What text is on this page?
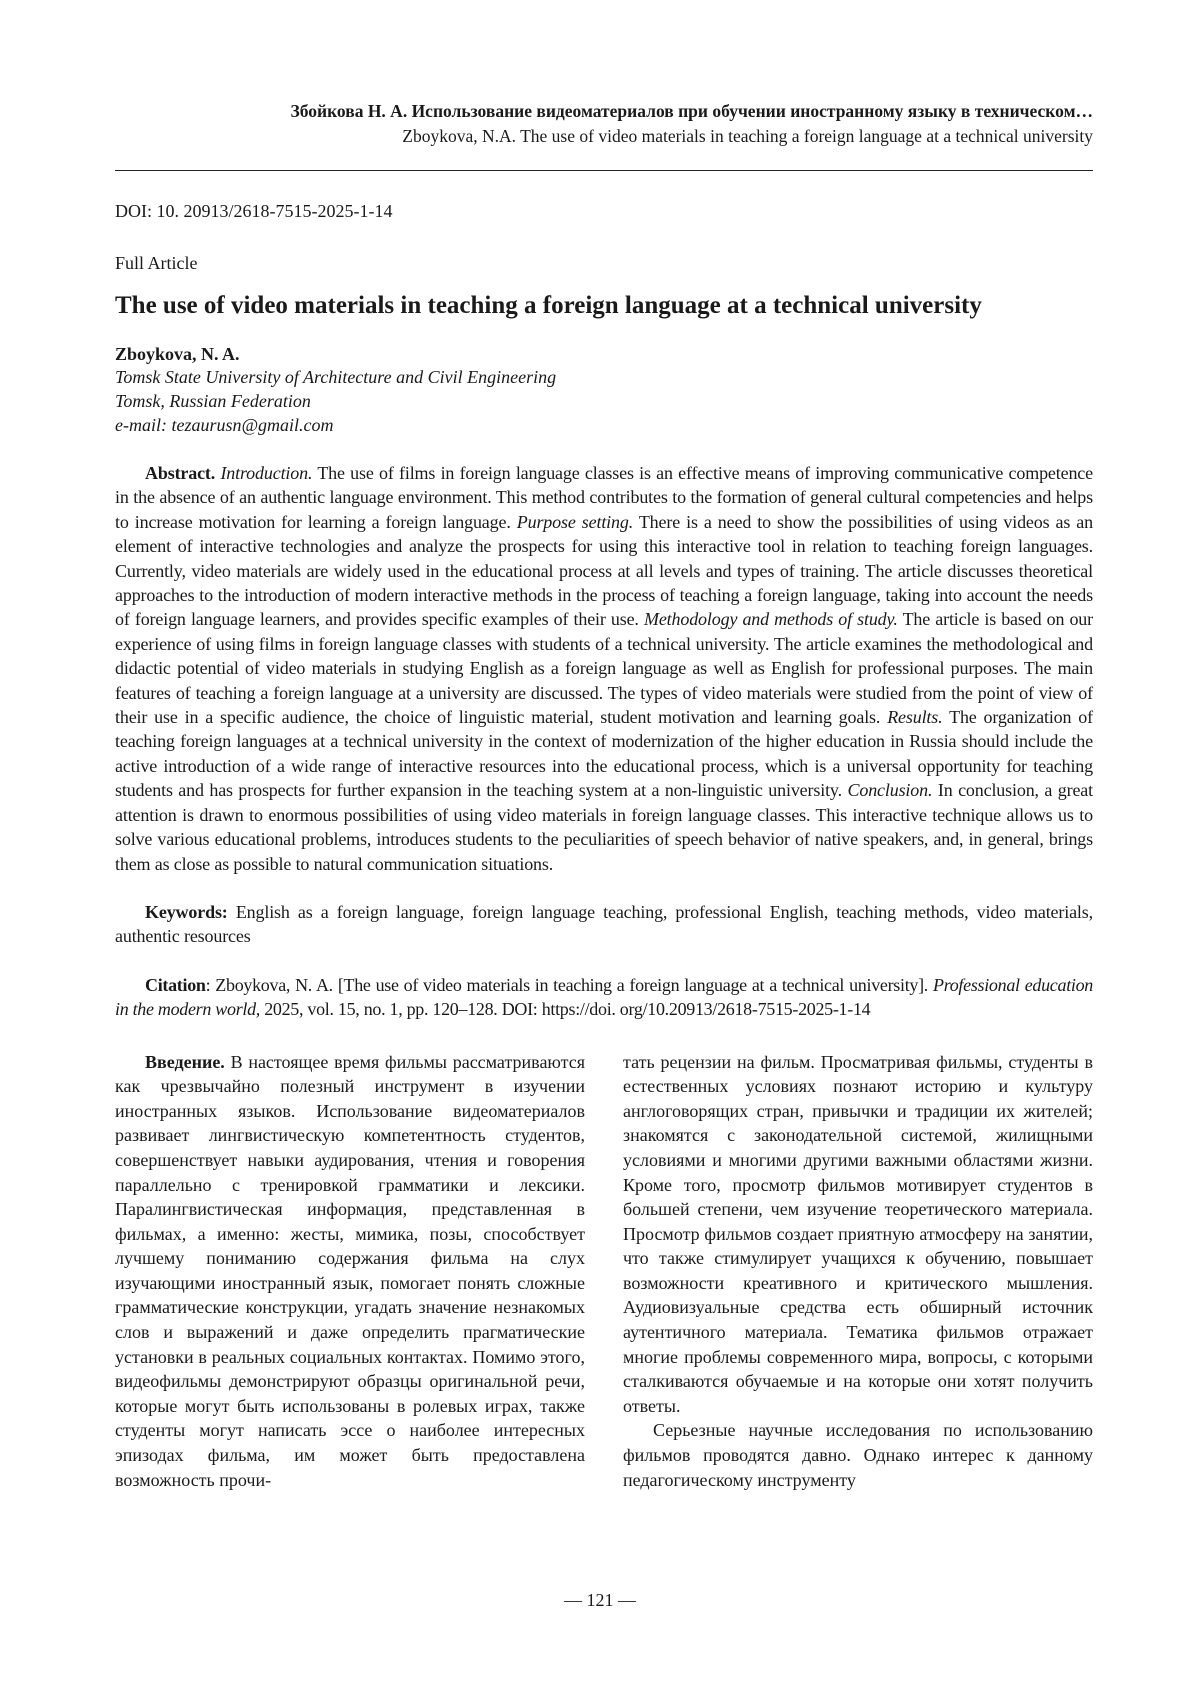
Збойкова Н. А. Использование видеоматериалов при обучении иностранному языку в техническом…
Zboykova, N.A. The use of video materials in teaching a foreign language at a technical university
DOI: 10. 20913/2618-7515-2025-1-14
Full Article
The use of video materials in teaching a foreign language at a technical university
Zboykova, N. A.
Tomsk State University of Architecture and Civil Engineering
Tomsk, Russian Federation
e-mail: tezaurusn@gmail.com
Abstract. Introduction. The use of films in foreign language classes is an effective means of improving communicative competence in the absence of an authentic language environment. This method contributes to the formation of general cultural competencies and helps to increase motivation for learning a foreign language. Purpose setting. There is a need to show the possibilities of using videos as an element of interactive technologies and analyze the prospects for using this interactive tool in relation to teaching foreign languages. Currently, video materials are widely used in the educational process at all levels and types of training. The article discusses theoretical approaches to the introduction of modern interactive methods in the process of teaching a foreign language, taking into account the needs of foreign language learners, and provides specific examples of their use. Methodology and methods of study. The article is based on our experience of using films in foreign language classes with students of a technical university. The article examines the methodological and didactic potential of video materials in studying English as a foreign language as well as English for professional purposes. The main features of teaching a foreign language at a university are discussed. The types of video materials were studied from the point of view of their use in a specific audience, the choice of linguistic material, student motivation and learning goals. Results. The organization of teaching foreign languages at a technical university in the context of modernization of the higher education in Russia should include the active introduction of a wide range of interactive resources into the educational process, which is a universal opportunity for teaching students and has prospects for further expansion in the teaching system at a non-linguistic university. Conclusion. In conclusion, a great attention is drawn to enormous possibilities of using video materials in foreign language classes. This interactive technique allows us to solve various educational problems, introduces students to the peculiarities of speech behavior of native speakers, and, in general, brings them as close as possible to natural communication situations.
Keywords: English as a foreign language, foreign language teaching, professional English, teaching methods, video materials, authentic resources
Citation: Zboykova, N. A. [The use of video materials in teaching a foreign language at a technical university]. Professional education in the modern world, 2025, vol. 15, no. 1, pp. 120–128. DOI: https://doi. org/10.20913/2618-7515-2025-1-14

Введение. В настоящее время фильмы рассматриваются как чрезвычайно полезный инструмент в изучении иностранных языков. Использование видеоматериалов развивает лингвистическую компетентность студентов, совершенствует навыки аудирования, чтения и говорения параллельно с тренировкой грамматики и лексики. Паралингвистическая информация, представленная в фильмах, а именно: жесты, мимика, позы, способствует лучшему пониманию содержания фильма на слух изучающими иностранный язык, помогает понять сложные грамматические конструкции, угадать значение незнакомых слов и выражений и даже определить прагматические установки в реальных социальных контактах. Помимо этого, видеофильмы демонстрируют образцы оригинальной речи, которые могут быть использованы в ролевых играх, также студенты могут написать эссе о наиболее интересных эпизодах фильма, им может быть предоставлена возможность прочи-

тать рецензии на фильм. Просматривая фильмы, студенты в естественных условиях познают историю и культуру англоговорящих стран, привычки и традиции их жителей; знакомятся с законодательной системой, жилищными условиями и многими другими важными областями жизни. Кроме того, просмотр фильмов мотивирует студентов в большей степени, чем изучение теоретического материала. Просмотр фильмов создает приятную атмосферу на занятии, что также стимулирует учащихся к обучению, повышает возможности креативного и критического мышления. Аудиовизуальные средства есть обширный источник аутентичного материала. Тематика фильмов отражает многие проблемы современного мира, вопросы, с которыми сталкиваются обучаемые и на которые они хотят получить ответы.

Серьезные научные исследования по использованию фильмов проводятся давно. Однако интерес к данному педагогическому инструменту

— 121 —
